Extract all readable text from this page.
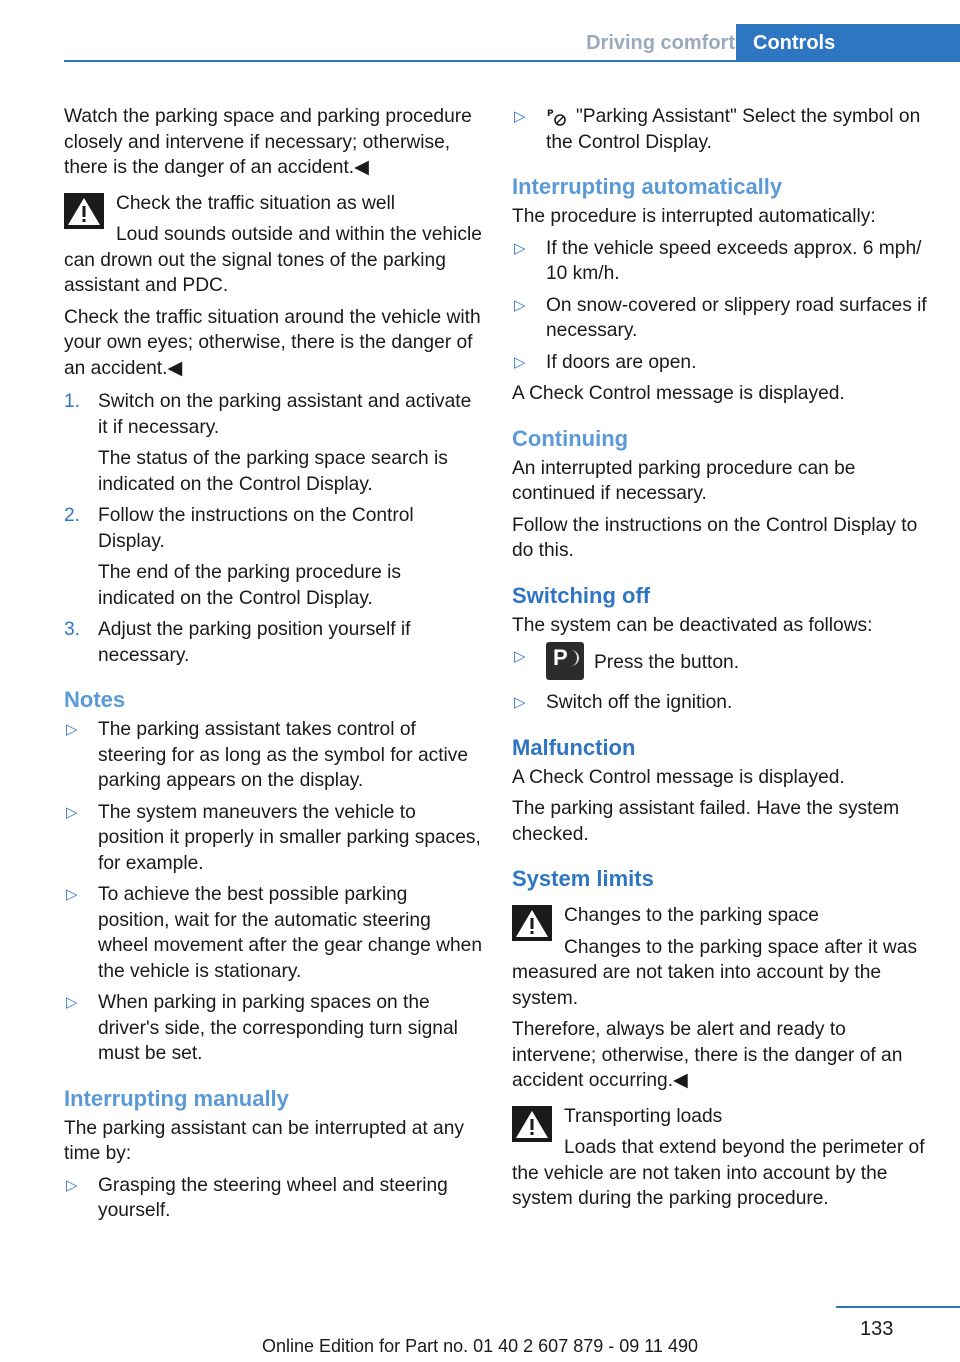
Driving comfort Controls

Watch the parking space and parking procedure closely and intervene if necessary; otherwise, there is the danger of an accident.◀

Check the traffic situation as well

Loud sounds outside and within the vehicle can drown out the signal tones of the parking assistant and PDC.

Check the traffic situation around the vehicle with your own eyes; otherwise, there is the danger of an accident.◀

1. Switch on the parking assistant and activate it if necessary.
The status of the parking space search is indicated on the Control Display.
2. Follow the instructions on the Control Display.
The end of the parking procedure is indicated on the Control Display.
3. Adjust the parking position yourself if necessary.
Notes
▷ The parking assistant takes control of steering for as long as the symbol for active parking appears on the display.
▷ The system maneuvers the vehicle to position it properly in smaller parking spaces, for example.
▷ To achieve the best possible parking position, wait for the automatic steering wheel movement after the gear change when the vehicle is stationary.
▷ When parking in parking spaces on the driver's side, the corresponding turn signal must be set.
Interrupting manually

The parking assistant can be interrupted at any time by:

▷ Grasping the steering wheel and steering yourself.
▷ P "Parking Assistant" Select the symbol on the Control Display.
Interrupting automatically

The procedure is interrupted automatically:

▷ If the vehicle speed exceeds approx. 6 mph/ 10 km/h.
▷ On snow-covered or slippery road surfaces if necessary.
▷ If doors are open.

A Check Control message is displayed.

Continuing

An interrupted parking procedure can be continued if necessary.

Follow the instructions on the Control Display to do this.

Switching off

The system can be deactivated as follows:

▷ P Press the button.
▷ Switch off the ignition.
Malfunction

A Check Control message is displayed.

The parking assistant failed. Have the system checked.

System limits
Changes to the parking space

Changes to the parking space after it was measured are not taken into account by the system.

Therefore, always be alert and ready to intervene; otherwise, there is the danger of an accident occurring.◀

Transporting loads

Loads that extend beyond the perimeter of the vehicle are not taken into account by the system during the parking procedure.

133
Online Edition for Part no. 01 40 2 607 879 - 09 11 490
